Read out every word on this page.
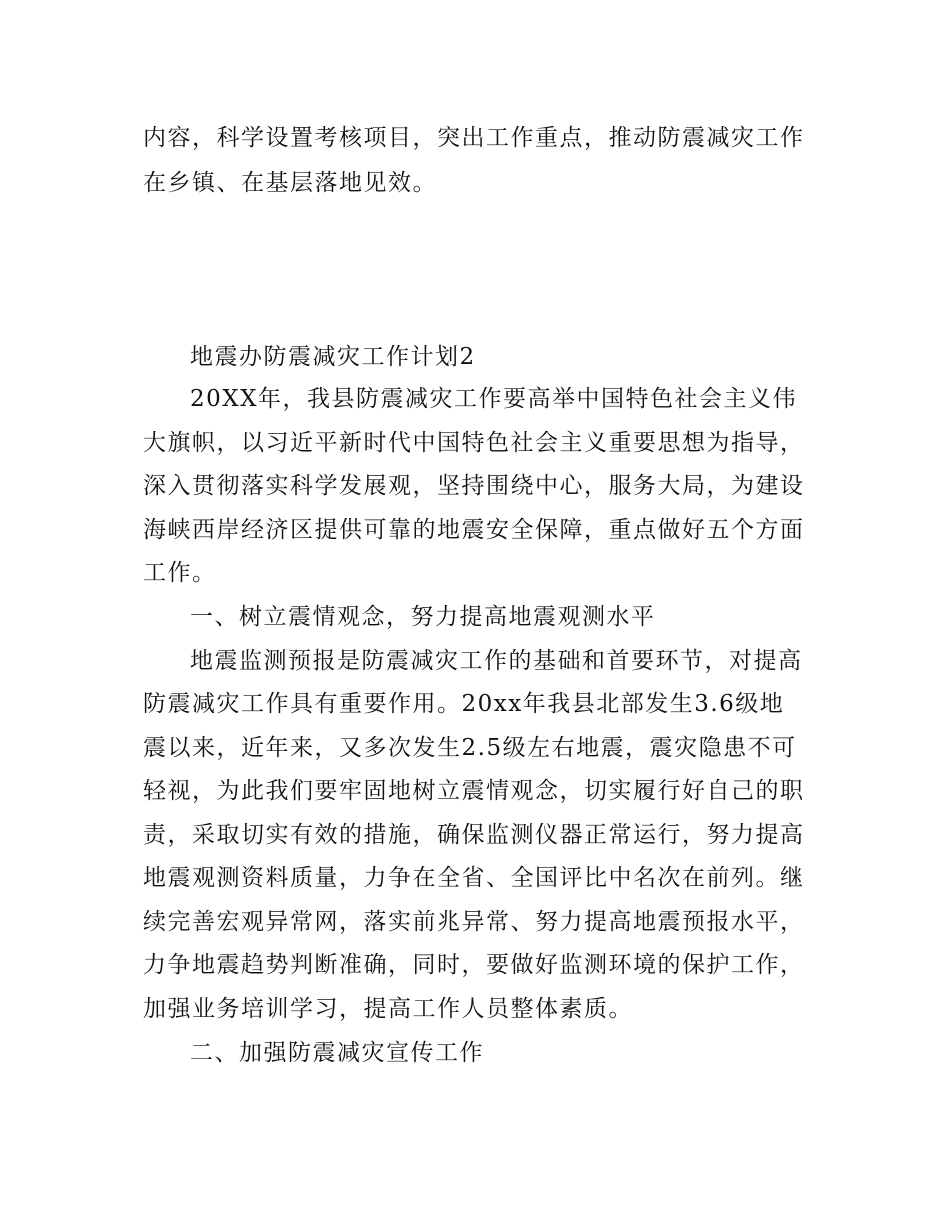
内容，科学设置考核项目，突出工作重点，推动防震减灾工作
在乡镇、在基层落地见效。
地震办防震减灾工作计划2
20XX年，我县防震减灾工作要高举中国特色社会主义伟
大旗帜，以习近平新时代中国特色社会主义重要思想为指导，
深入贯彻落实科学发展观，坚持围绕中心，服务大局，为建设
海峡西岸经济区提供可靠的地震安全保障，重点做好五个方面
工作。
一、树立震情观念，努力提高地震观测水平
地震监测预报是防震减灾工作的基础和首要环节，对提高
防震减灾工作具有重要作用。20xx年我县北部发生3.6级地
震以来，近年来，又多次发生2.5级左右地震，震灾隐患不可
轻视，为此我们要牢固地树立震情观念，切实履行好自己的职
责，采取切实有效的措施，确保监测仪器正常运行，努力提高
地震观测资料质量，力争在全省、全国评比中名次在前列。继
续完善宏观异常网，落实前兆异常、努力提高地震预报水平，
力争地震趋势判断准确，同时，要做好监测环境的保护工作，
加强业务培训学习，提高工作人员整体素质。
二、加强防震减灾宣传工作
